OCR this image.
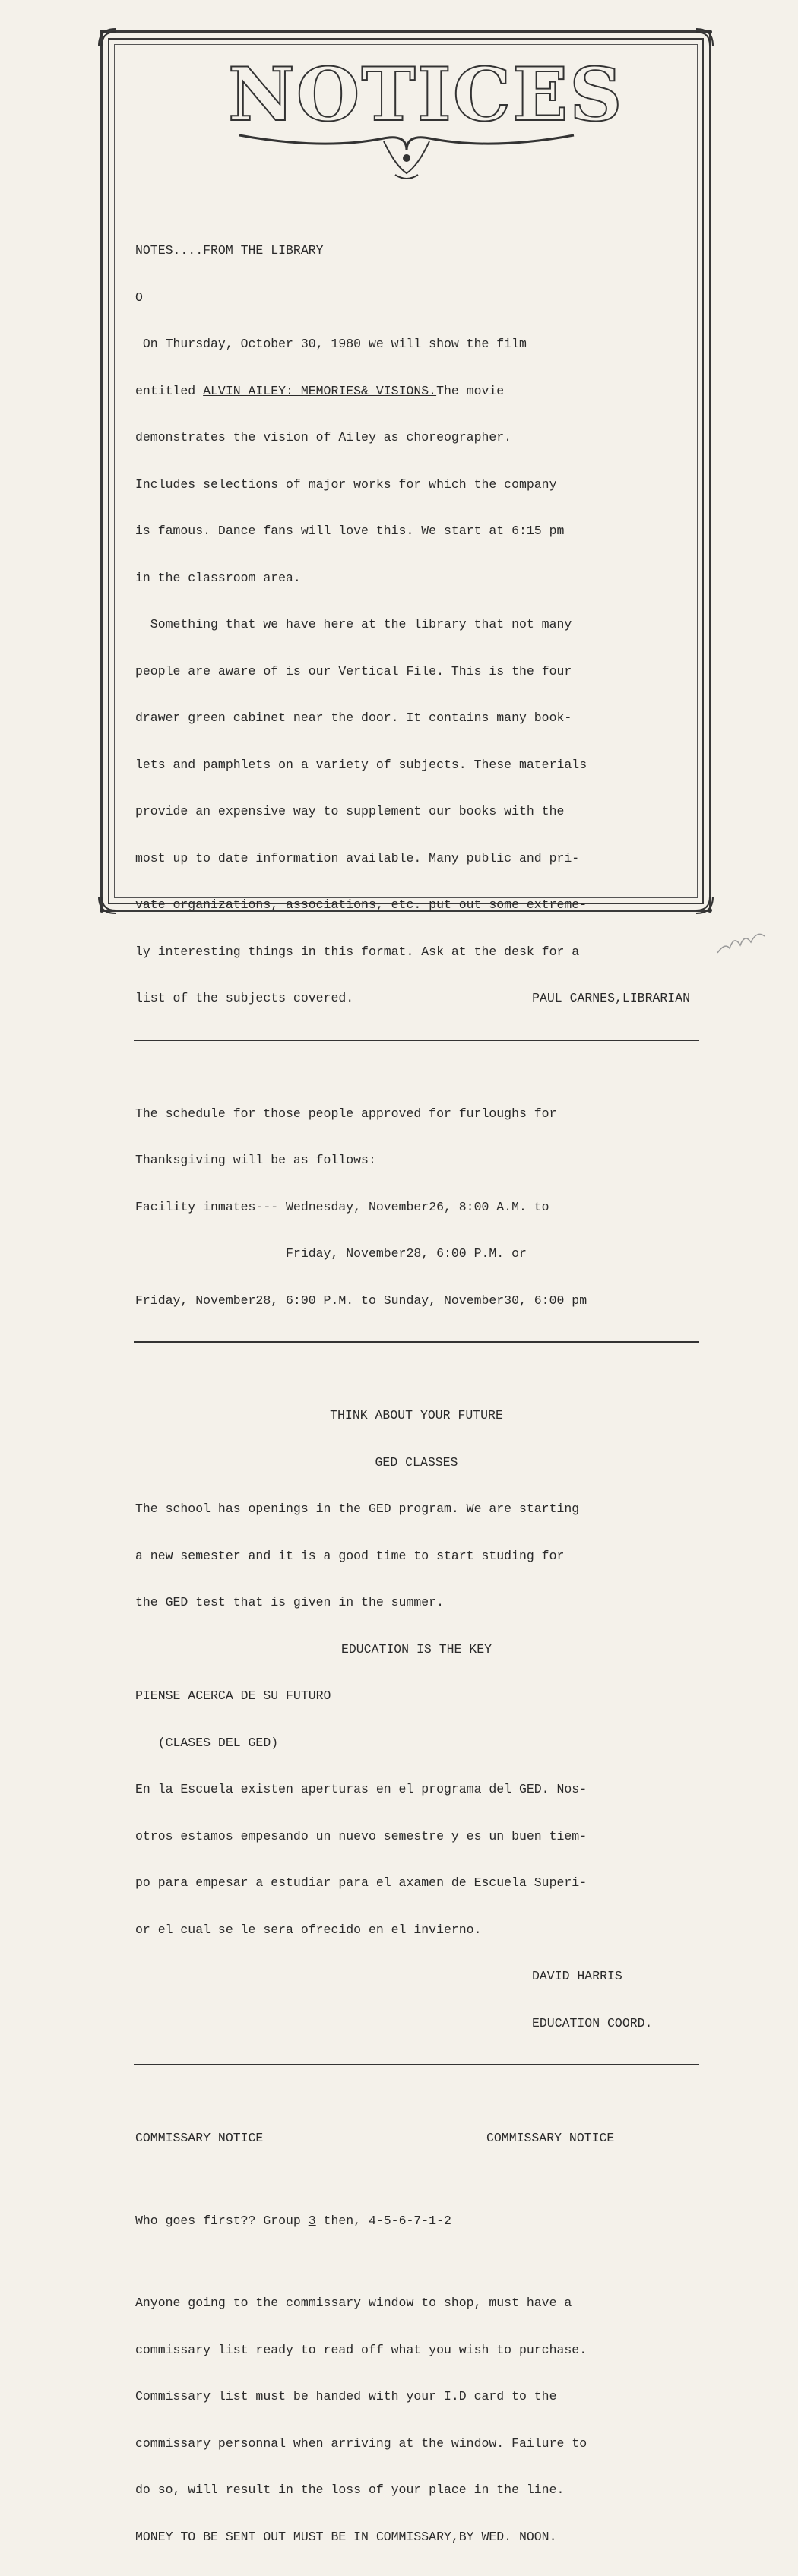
NOTICES

NOTES....FROM THE LIBRARY

O

On Thursday, October 30, 1980 we will show the film

entitled ALVIN AILEY: MEMORIES& VISIONS.The movie

demonstrates the vision of Ailey as choreographer.

Includes selections of major works for which the company

is famous. Dance fans will love this. We start at 6:15 pm

in the classroom area.

Something that we have here at the library that not many

people are aware of is our Vertical File. This is the four

drawer green cabinet near the door. It contains many book-

lets and pamphlets on a variety of subjects. These materials

provide an expensive way to supplement our books with the

most up to date information available. Many public and pri-

vate organizations, associations, etc. put out some extreme-

ly interesting things in this format. Ask at the desk for a

list of the subjects covered.	PAUL CARNES,LIBRARIAN

The schedule for those people approved for furloughs for

Thanksgiving will be as follows:

Facility inmates--- Wednesday, November26, 8:00 A.M. to

Friday, November28, 6:00 P.M. or

Friday, November28, 6:00 P.M. to Sunday, November30, 6:00 pm

THINK ABOUT YOUR FUTURE

GED CLASSES

The school has openings in the GED program. We are starting

a new semester and it is a good time to start studing for

the GED test that is given in the summer.

EDUCATION IS THE KEY

PIENSE ACERCA DE SU FUTURO

(CLASES DEL GED)

En la Escuela existen aperturas en el programa del GED. Nos-

otros estamos empesando un nuevo semestre y es un buen tiem-

po para empesar a estudiar para el axamen de Escuela Superi-

or el cual se le sera ofrecido en el invierno.

DAVID HARRIS

EDUCATION COORD.

COMMISSARY NOTICE	COMMISSARY NOTICE

Who goes first?? Group 3 then, 4-5-6-7-1-2

Anyone going to the commissary window to shop, must have a

commissary list ready to read off what you wish to purchase.

Commissary list must be handed with your I.D card to the

commissary personnal when arriving at the window. Failure to

do so, will result in the loss of your place in the line.

MONEY TO BE SENT OUT MUST BE IN COMMISSARY,BY WED. NOON.
